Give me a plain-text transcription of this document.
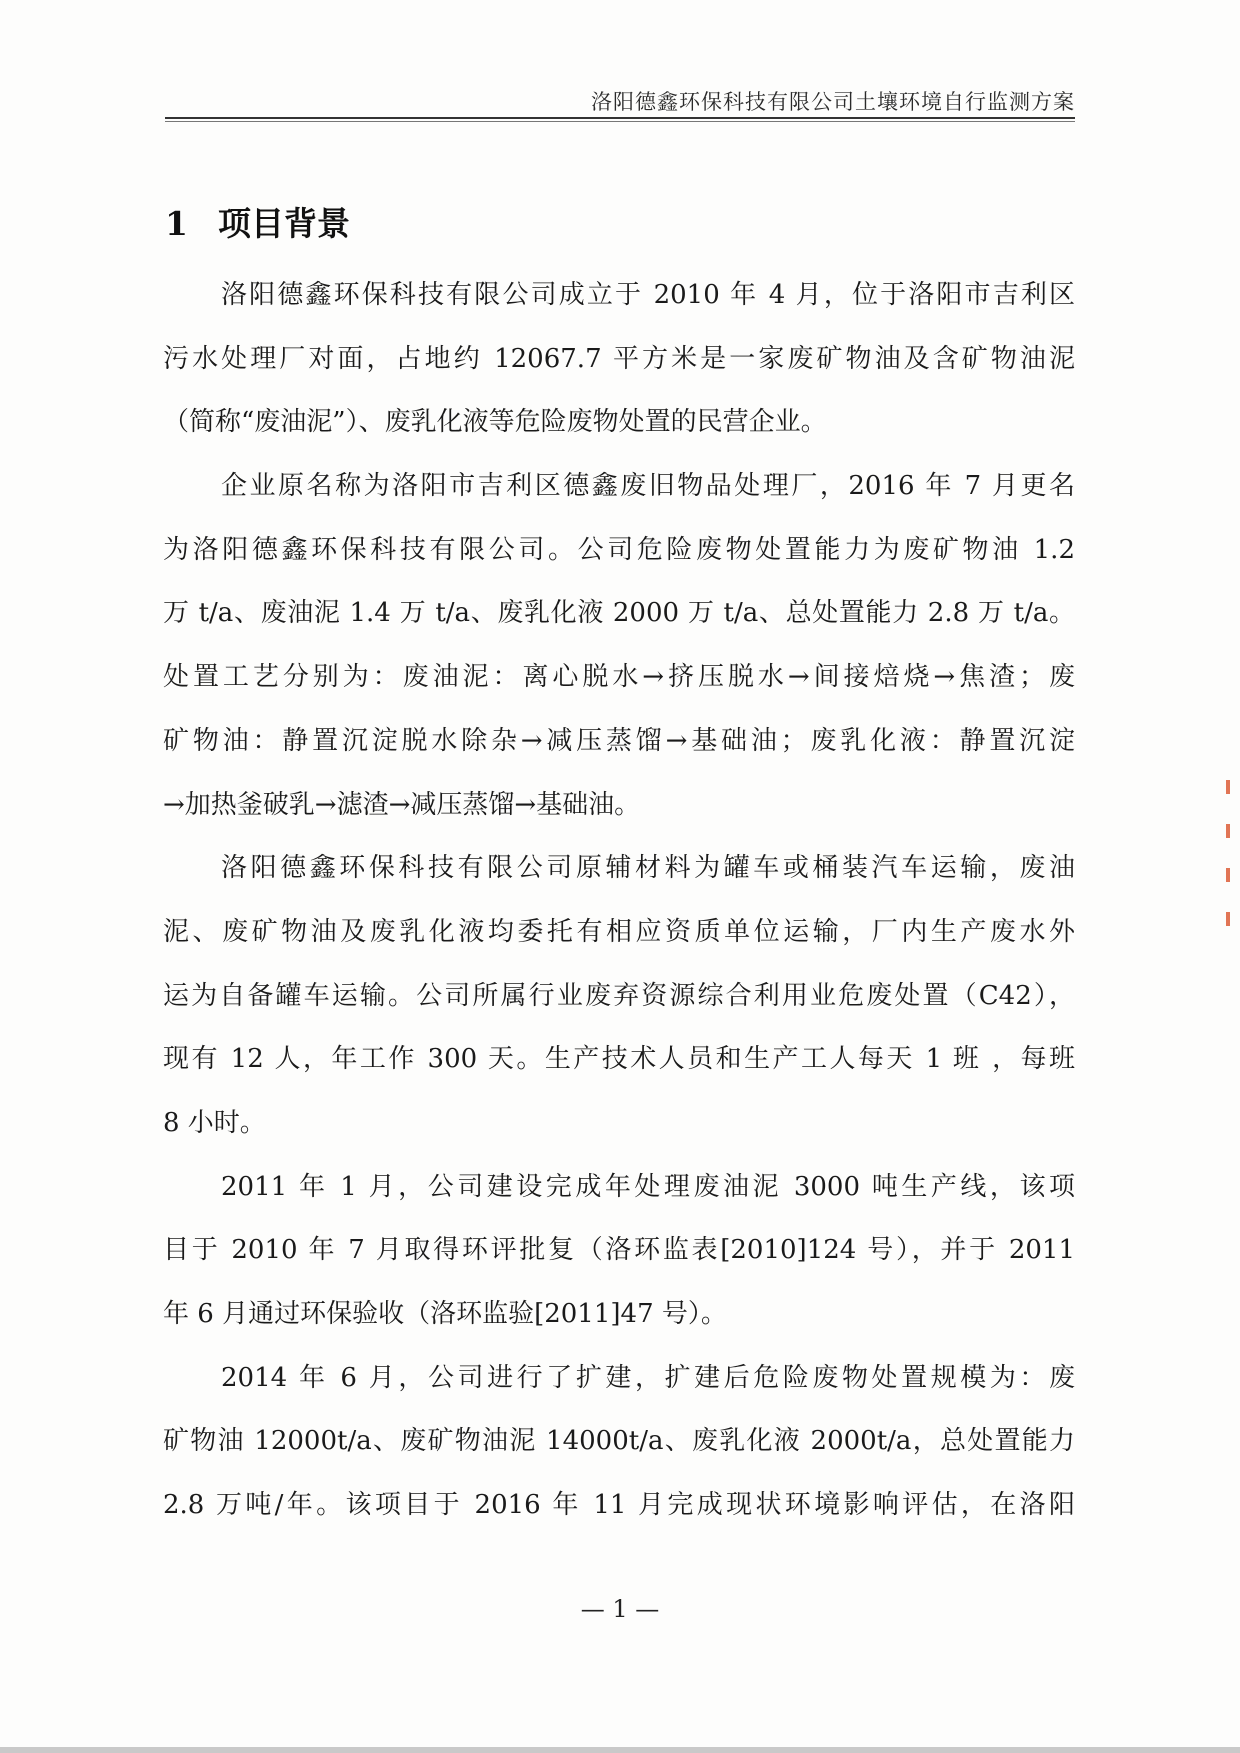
洛阳德鑫环保科技有限公司土壤环境自行监测方案
1 项目背景
洛阳德鑫环保科技有限公司成立于 2010 年 4 月，位于洛阳市吉利区
污水处理厂对面，占地约 12067.7 平方米是一家废矿物油及含矿物油泥
（简称“废油泥”）、废乳化液等危险废物处置的民营企业。
企业原名称为洛阳市吉利区德鑫废旧物品处理厂，2016 年 7 月更名
为洛阳德鑫环保科技有限公司。公司危险废物处置能力为废矿物油 1.2
万 t/a、废油泥 1.4 万 t/a、废乳化液 2000 万 t/a、总处置能力 2.8 万 t/a。
处置工艺分别为：废油泥：离心脱水→挤压脱水→间接焙烧→焦渣；废
矿物油：静置沉淀脱水除杂→减压蒸馏→基础油；废乳化液：静置沉淀
→加热釜破乳→滤渣→减压蒸馏→基础油。
洛阳德鑫环保科技有限公司原辅材料为罐车或桶装汽车运输，废油
泥、废矿物油及废乳化液均委托有相应资质单位运输，厂内生产废水外
运为自备罐车运输。公司所属行业废弃资源综合利用业危废处置（C42），
现有 12 人，年工作 300 天。生产技术人员和生产工人每天 1 班 ，每班
8 小时。
2011 年 1 月，公司建设完成年处理废油泥 3000 吨生产线，该项
目于 2010 年 7 月取得环评批复（洛环监表[2010]124 号），并于 2011
年 6 月通过环保验收（洛环监验[2011]47 号）。
2014 年 6 月，公司进行了扩建，扩建后危险废物处置规模为：废
矿物油 12000t/a、废矿物油泥 14000t/a、废乳化液 2000t/a，总处置能力
2.8 万吨/年。该项目于 2016 年 11 月完成现状环境影响评估，在洛阳
— 1 —
